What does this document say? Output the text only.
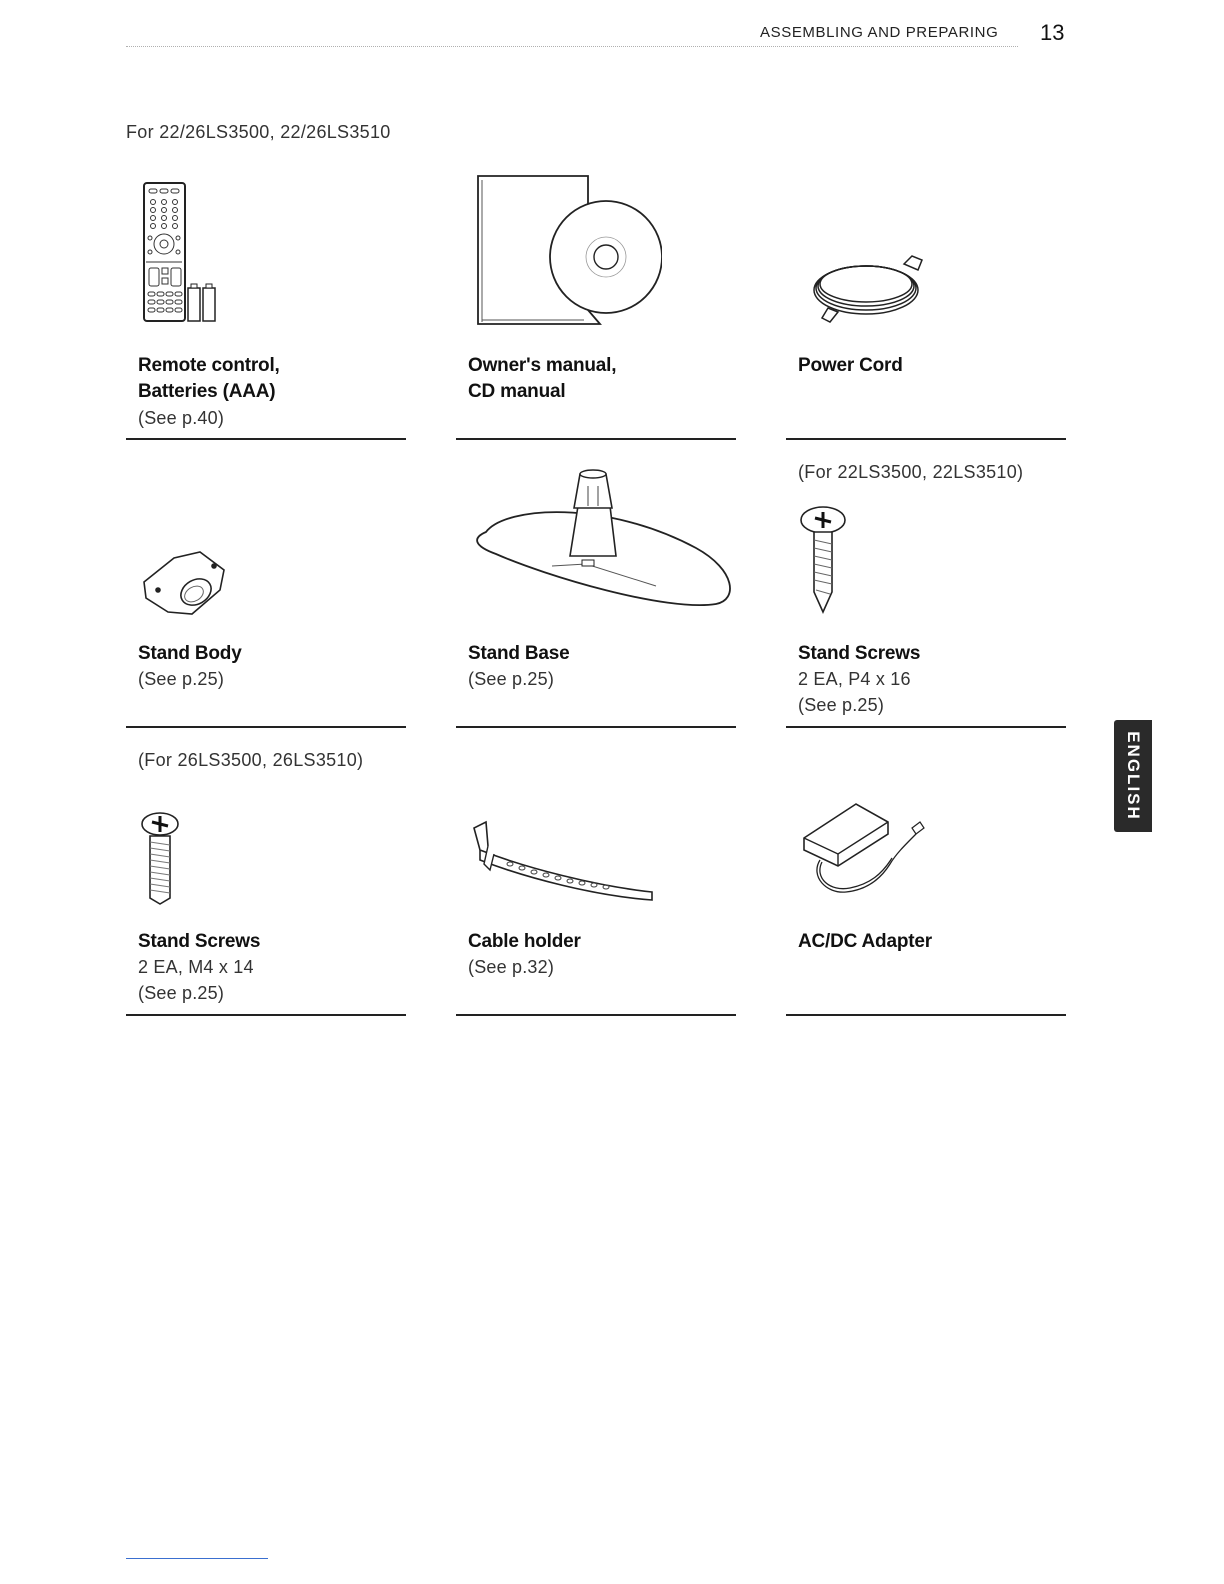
ASSEMBLING AND PREPARING 13
For 22/26LS3500, 22/26LS3510
Remote control,
Batteries (AAA)
(See p.40)
Owner's manual,
CD manual
Power Cord
Stand Body
(See p.25)
Stand Base
(See p.25)
(For 22LS3500, 22LS3510)
Stand Screws
2 EA, P4 x 16
(See p.25)
(For 26LS3500, 26LS3510)
Stand Screws
2 EA, M4 x 14
(See p.25)
Cable holder
(See p.32)
AC/DC Adapter
ENGLISH
